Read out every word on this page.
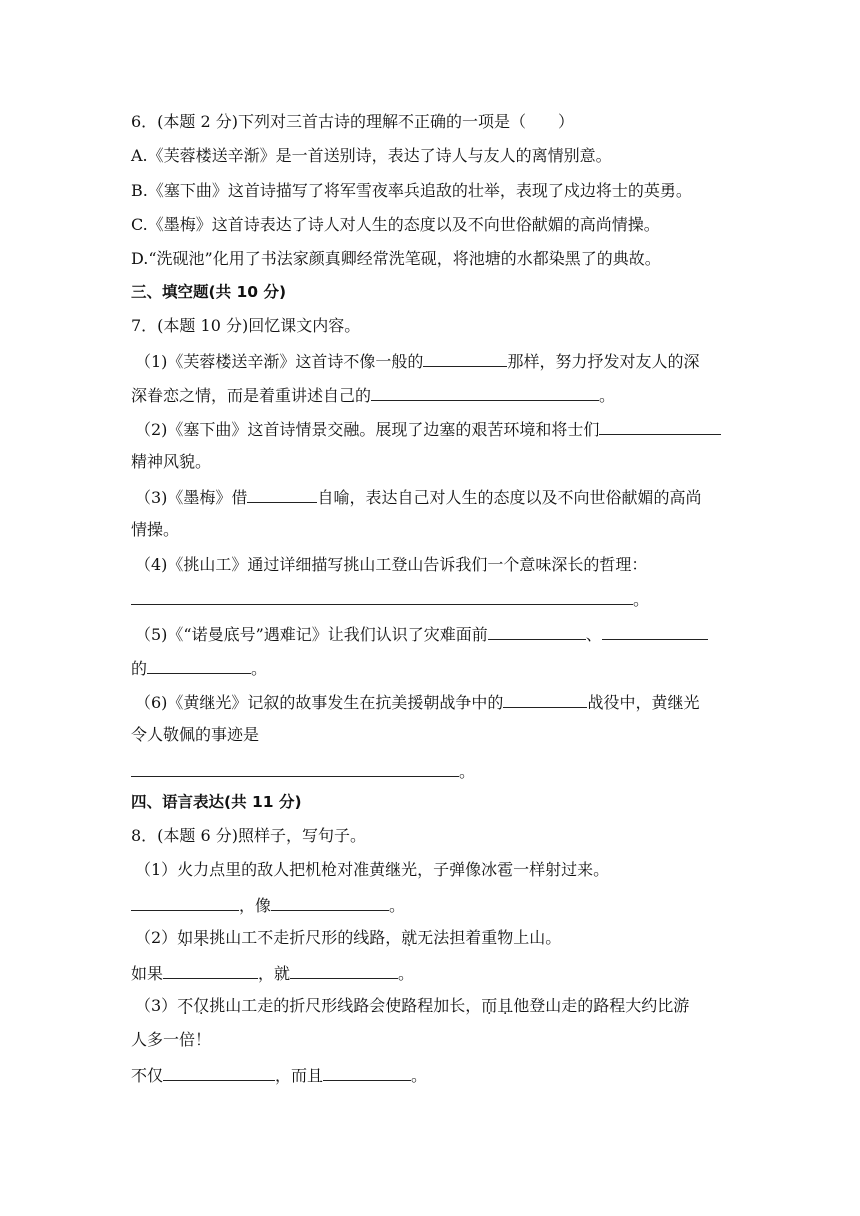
6．(本题 2 分)下列对三首古诗的理解不正确的一项是（　　）
A.《芙蓉楼送辛渐》是一首送别诗，表达了诗人与友人的离情别意。
B.《塞下曲》这首诗描写了将军雪夜率兵追敌的壮举，表现了戍边将士的英勇。
C.《墨梅》这首诗表达了诗人对人生的态度以及不向世俗献媚的高尚情操。
D.“洗砚池”化用了书法家颜真卿经常洗笔砚，将池塘的水都染黑了的典故。
三、填空题(共 10 分)
7．(本题 10 分)回忆课文内容。
（1)《芙蓉楼送辛渐》这首诗不像一般的	那样，努力抒发对友人的深
深眷恋之情，而是着重讲述自己的	。
（2)《塞下曲》这首诗情景交融。展现了边塞的艰苦环境和将士们
精神风貌。
（3)《墨梅》借	自喻，表达自己对人生的态度以及不向世俗献媚的高尚
情操。
（4)《挑山工》通过详细描写挑山工登山告诉我们一个意味深长的哲理：
。
（5)《“诺曼底号”遇难记》让我们认识了灾难面前	、
的	。
（6)《黄继光》记叙的故事发生在抗美援朝战争中的	战役中，黄继光
令人敬佩的事迹是
。
四、语言表达(共 11 分)
8．(本题 6 分)照样子，写句子。
（1）火力点里的敌人把机枪对准黄继光，子弹像冰雹一样射过来。
，像	。
（2）如果挑山工不走折尺形的线路，就无法担着重物上山。
如果	，就	。
（3）不仅挑山工走的折尺形线路会使路程加长，而且他登山走的路程大约比游
人多一倍！
不仅	，而且	。
